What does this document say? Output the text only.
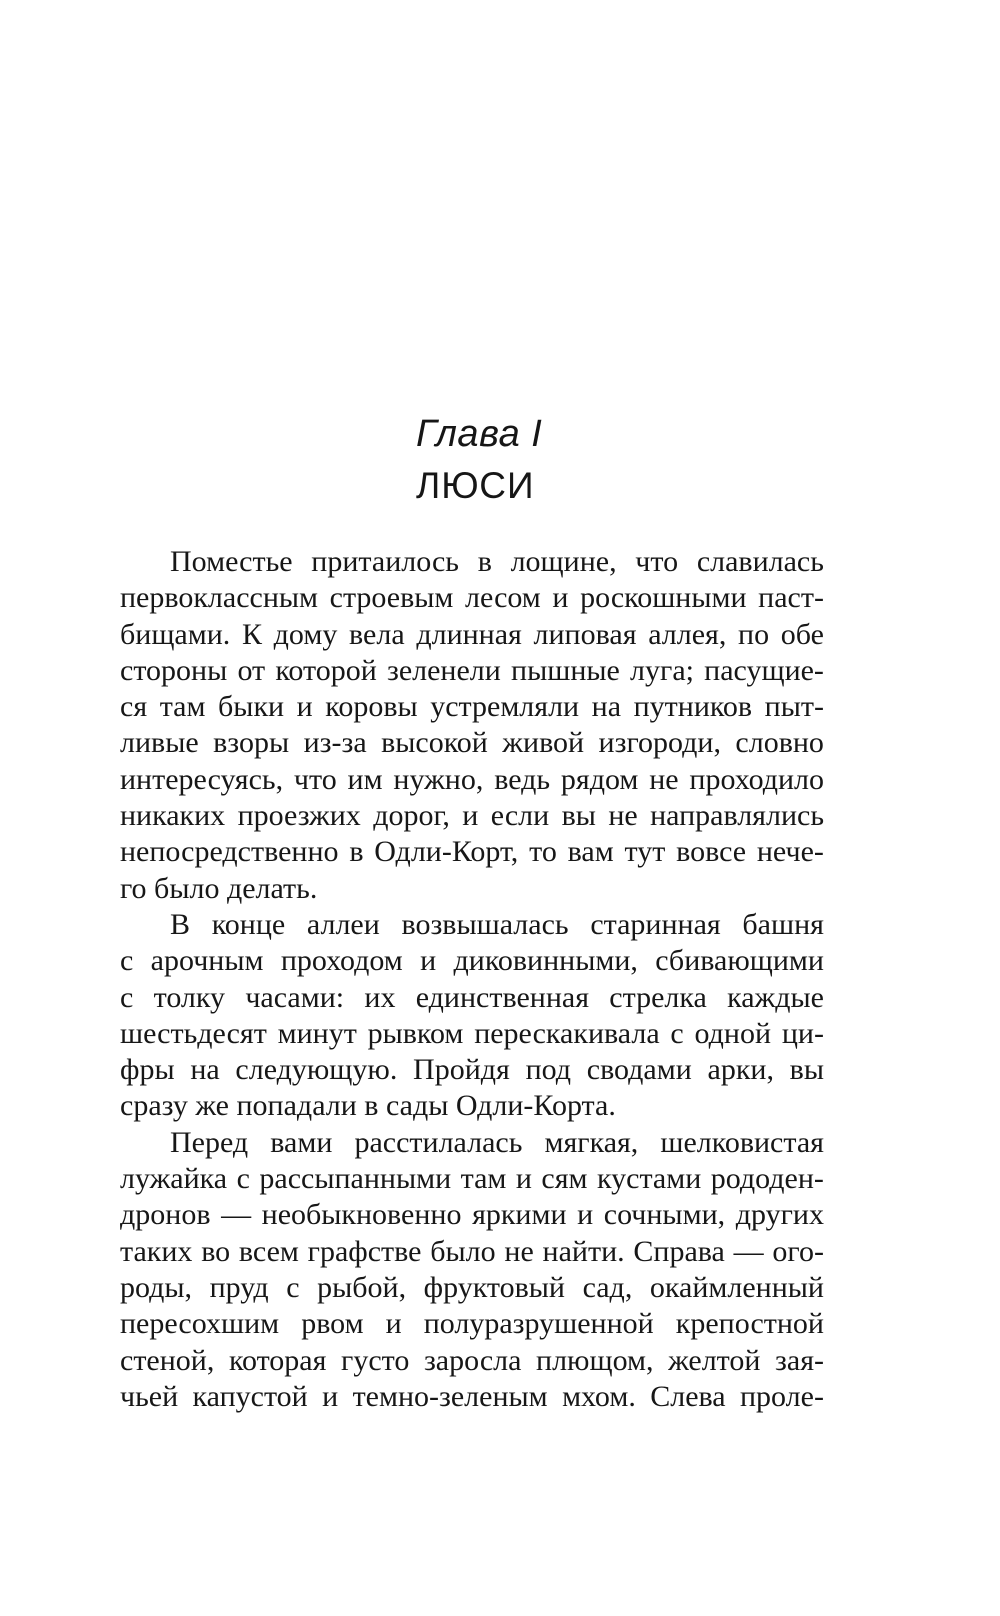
Глава I
ЛЮСИ
Поместье притаилось в лощине, что славилась
первоклассным строевым лесом и роскошными паст-
бищами. К дому вела длинная липовая аллея, по обе
стороны от которой зеленели пышные луга; пасущие-
ся там быки и коровы устремляли на путников пыт-
ливые взоры из-за высокой живой изгороди, словно
интересуясь, что им нужно, ведь рядом не проходило
никаких проезжих дорог, и если вы не направлялись
непосредственно в Одли-Корт, то вам тут вовсе нече-
го было делать.
В конце аллеи возвышалась старинная башня
с арочным проходом и диковинными, сбивающими
с толку часами: их единственная стрелка каждые
шестьдесят минут рывком перескакивала с одной ци-
фры на следующую. Пройдя под сводами арки, вы
сразу же попадали в сады Одли-Корта.
Перед вами расстилалась мягкая, шелковистая
лужайка с рассыпанными там и сям кустами рододен-
дронов — необыкновенно яркими и сочными, других
таких во всем графстве было не найти. Справа — ого-
роды, пруд с рыбой, фруктовый сад, окаймленный
пересохшим рвом и полуразрушенной крепостной
стеной, которая густо заросла плющом, желтой зая-
чьей капустой и темно-зеленым мхом. Слева проле-
